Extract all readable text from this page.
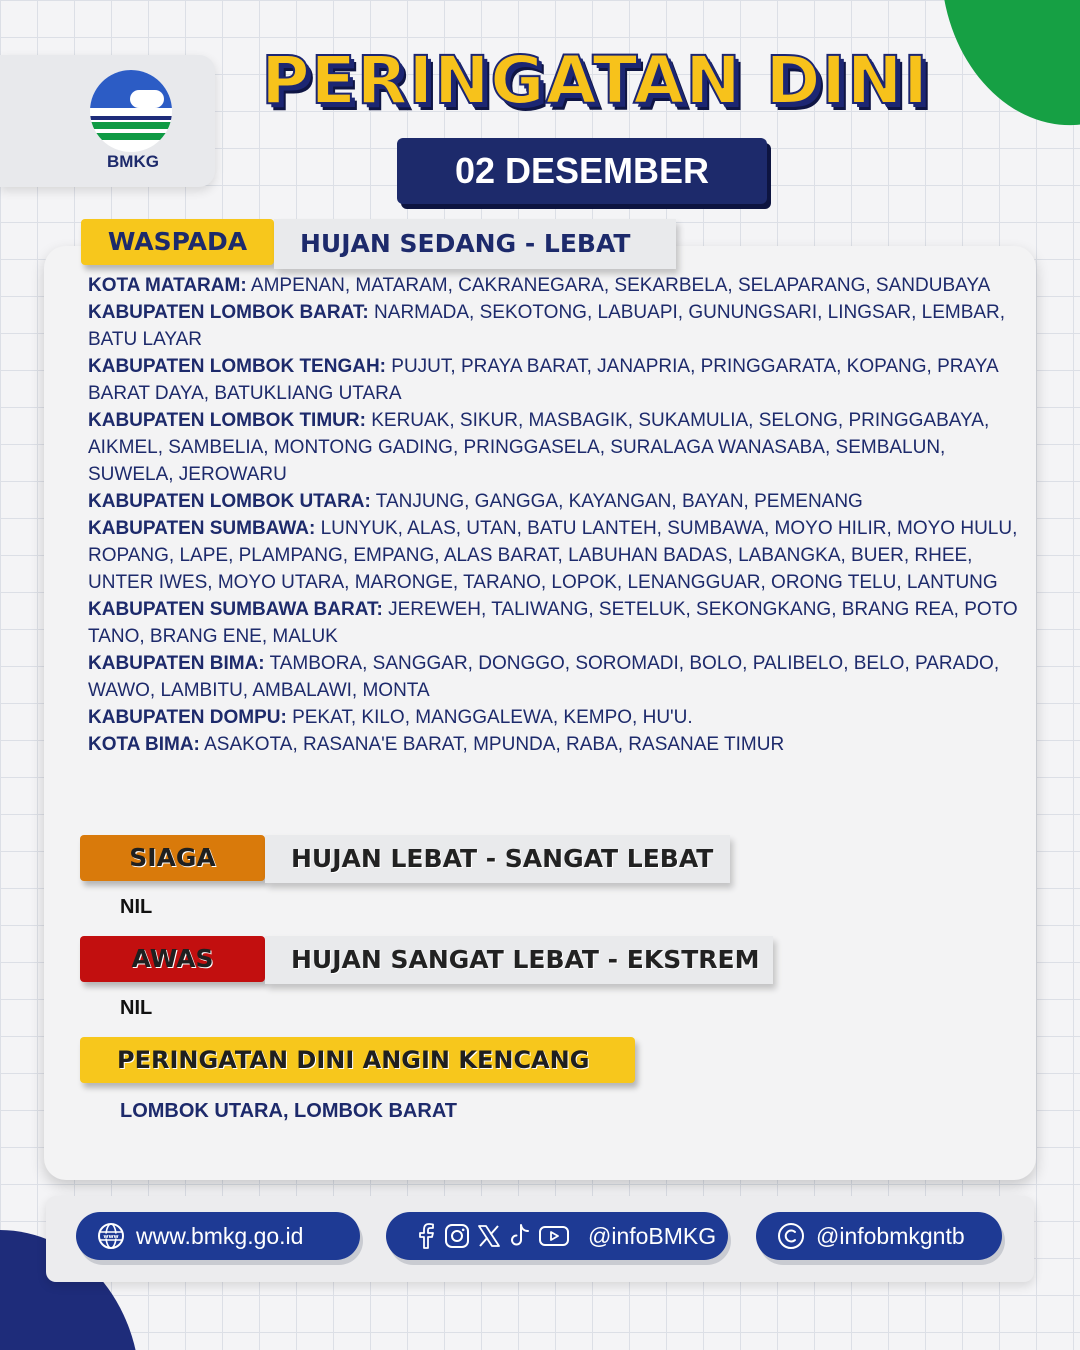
BMKG
PERINGATAN DINI
02 DESEMBER
WASPADA	HUJAN SEDANG - LEBAT

KOTA MATARAM: AMPENAN, MATARAM, CAKRANEGARA, SEKARBELA, SELAPARANG, SANDUBAYA

KABUPATEN LOMBOK BARAT: NARMADA, SEKOTONG, LABUAPI, GUNUNGSARI, LINGSAR, LEMBAR, BATU LAYAR

KABUPATEN LOMBOK TENGAH: PUJUT, PRAYA BARAT, JANAPRIA, PRINGGARATA, KOPANG, PRAYA BARAT DAYA, BATUKLIANG UTARA

KABUPATEN LOMBOK TIMUR: KERUAK, SIKUR, MASBAGIK, SUKAMULIA, SELONG, PRINGGABAYA, AIKMEL, SAMBELIA, MONTONG GADING, PRINGGASELA, SURALAGA WANASABA, SEMBALUN, SUWELA, JEROWARU

KABUPATEN LOMBOK UTARA: TANJUNG, GANGGA, KAYANGAN, BAYAN, PEMENANG

KABUPATEN SUMBAWA: LUNYUK, ALAS, UTAN, BATU LANTEH, SUMBAWA, MOYO HILIR, MOYO HULU, ROPANG, LAPE, PLAMPANG, EMPANG, ALAS BARAT, LABUHAN BADAS, LABANGKA, BUER, RHEE, UNTER IWES, MOYO UTARA, MARONGE, TARANO, LOPOK, LENANGGUAR, ORONG TELU, LANTUNG

KABUPATEN SUMBAWA BARAT: JEREWEH, TALIWANG, SETELUK, SEKONGKANG, BRANG REA, POTO TANO, BRANG ENE, MALUK

KABUPATEN BIMA: TAMBORA, SANGGAR, DONGGO, SOROMADI, BOLO, PALIBELO, BELO, PARADO, WAWO, LAMBITU, AMBALAWI, MONTA

KABUPATEN DOMPU: PEKAT, KILO, MANGGALEWA, KEMPO, HU'U.

KOTA BIMA: ASAKOTA, RASANA'E BARAT, MPUNDA, RABA, RASANAE TIMUR

SIAGA	HUJAN LEBAT - SANGAT LEBAT
NIL
AWAS	HUJAN SANGAT LEBAT - EKSTREM
NIL
PERINGATAN DINI ANGIN KENCANG
LOMBOK UTARA, LOMBOK BARAT
www www.bmkg.go.id	@infoBMKG	@infobmkgntb
